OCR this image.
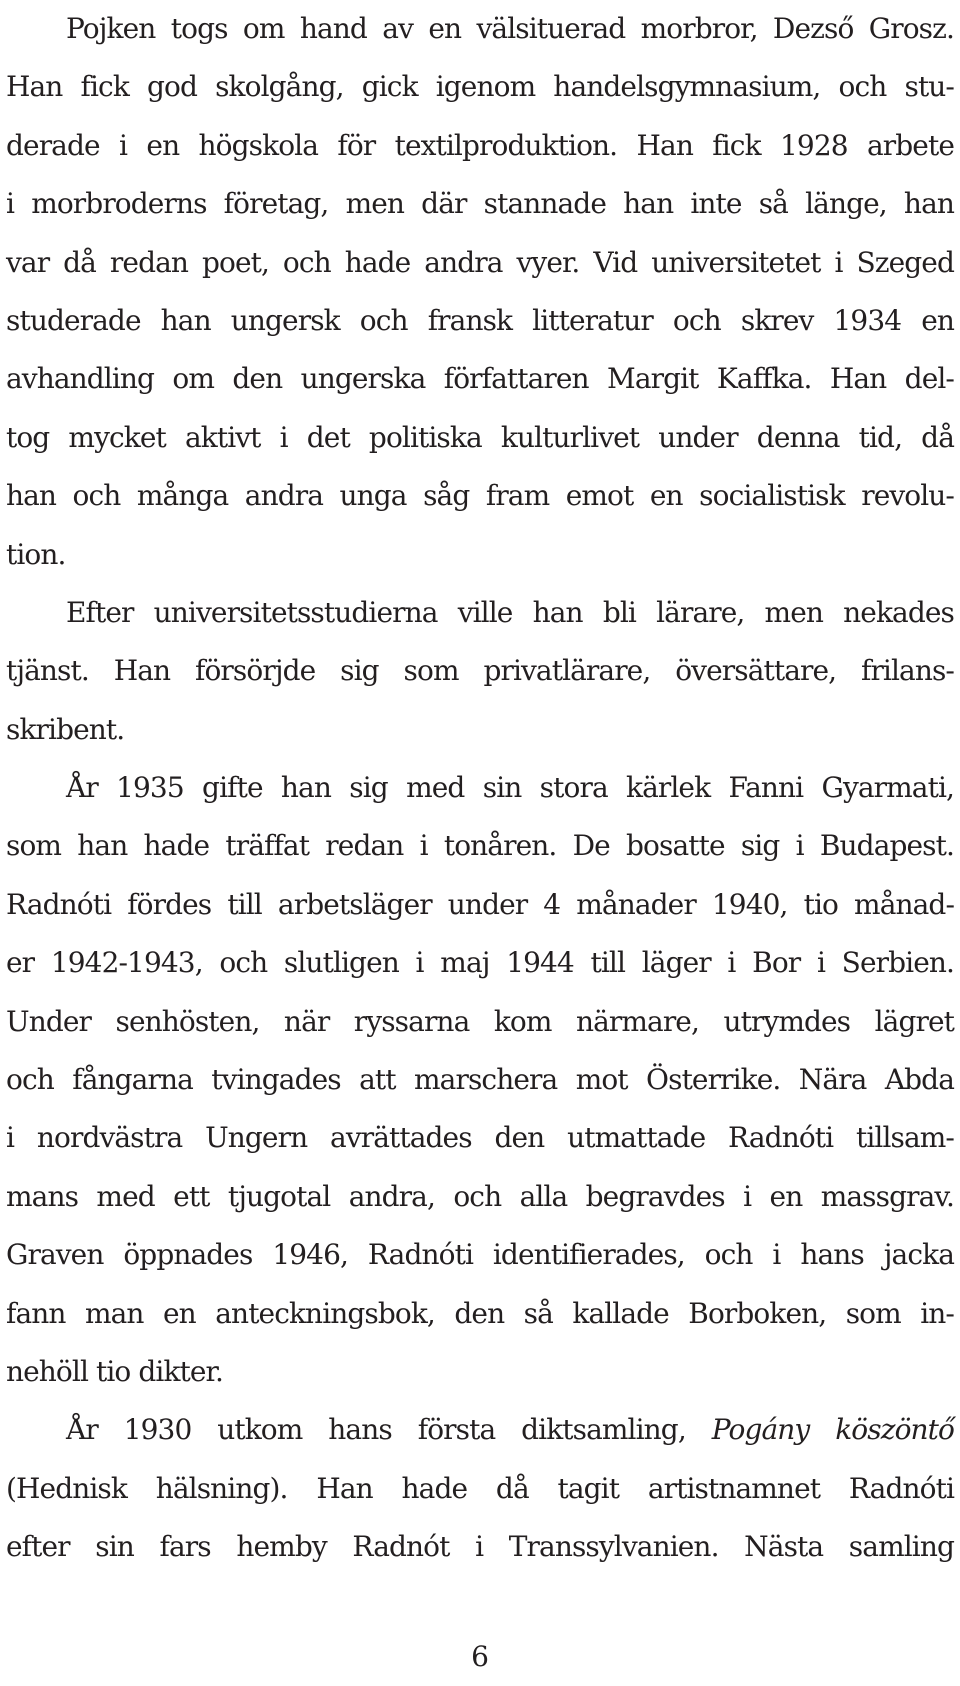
Pojken togs om hand av en välsituerad morbror, Dezső Grosz.
Han fick god skolgång, gick igenom handelsgymnasium, och stu-
derade i en högskola för textilproduktion. Han fick 1928 arbete
i morbroderns företag, men där stannade han inte så länge, han
var då redan poet, och hade andra vyer. Vid universitetet i Szeged
studerade han ungersk och fransk litteratur och skrev 1934 en
avhandling om den ungerska författaren Margit Kaffka. Han del-
tog mycket aktivt i det politiska kulturlivet under denna tid, då
han och många andra unga såg fram emot en socialistisk revolu-
tion.
Efter universitetsstudierna ville han bli lärare, men nekades
tjänst. Han försörjde sig som privatlärare, översättare, frilans-
skribent.
År 1935 gifte han sig med sin stora kärlek Fanni Gyarmati,
som han hade träffat redan i tonåren. De bosatte sig i Budapest.
Radnóti fördes till arbetsläger under 4 månader 1940, tio månad-
er 1942-1943, och slutligen i maj 1944 till läger i Bor i Serbien.
Under senhösten, när ryssarna kom närmare, utrymdes lägret
och fångarna tvingades att marschera mot Österrike. Nära Abda
i nordvästra Ungern avrättades den utmattade Radnóti tillsam-
mans med ett tjugotal andra, och alla begravdes i en massgrav.
Graven öppnades 1946, Radnóti identifierades, och i hans jacka
fann man en anteckningsbok, den så kallade Borboken, som in-
nehöll tio dikter.
År 1930 utkom hans första diktsamling, Pogány köszöntő
(Hednisk hälsning). Han hade då tagit artistnamnet Radnóti
efter sin fars hemby Radnót i Transsylvanien. Nästa samling
6
